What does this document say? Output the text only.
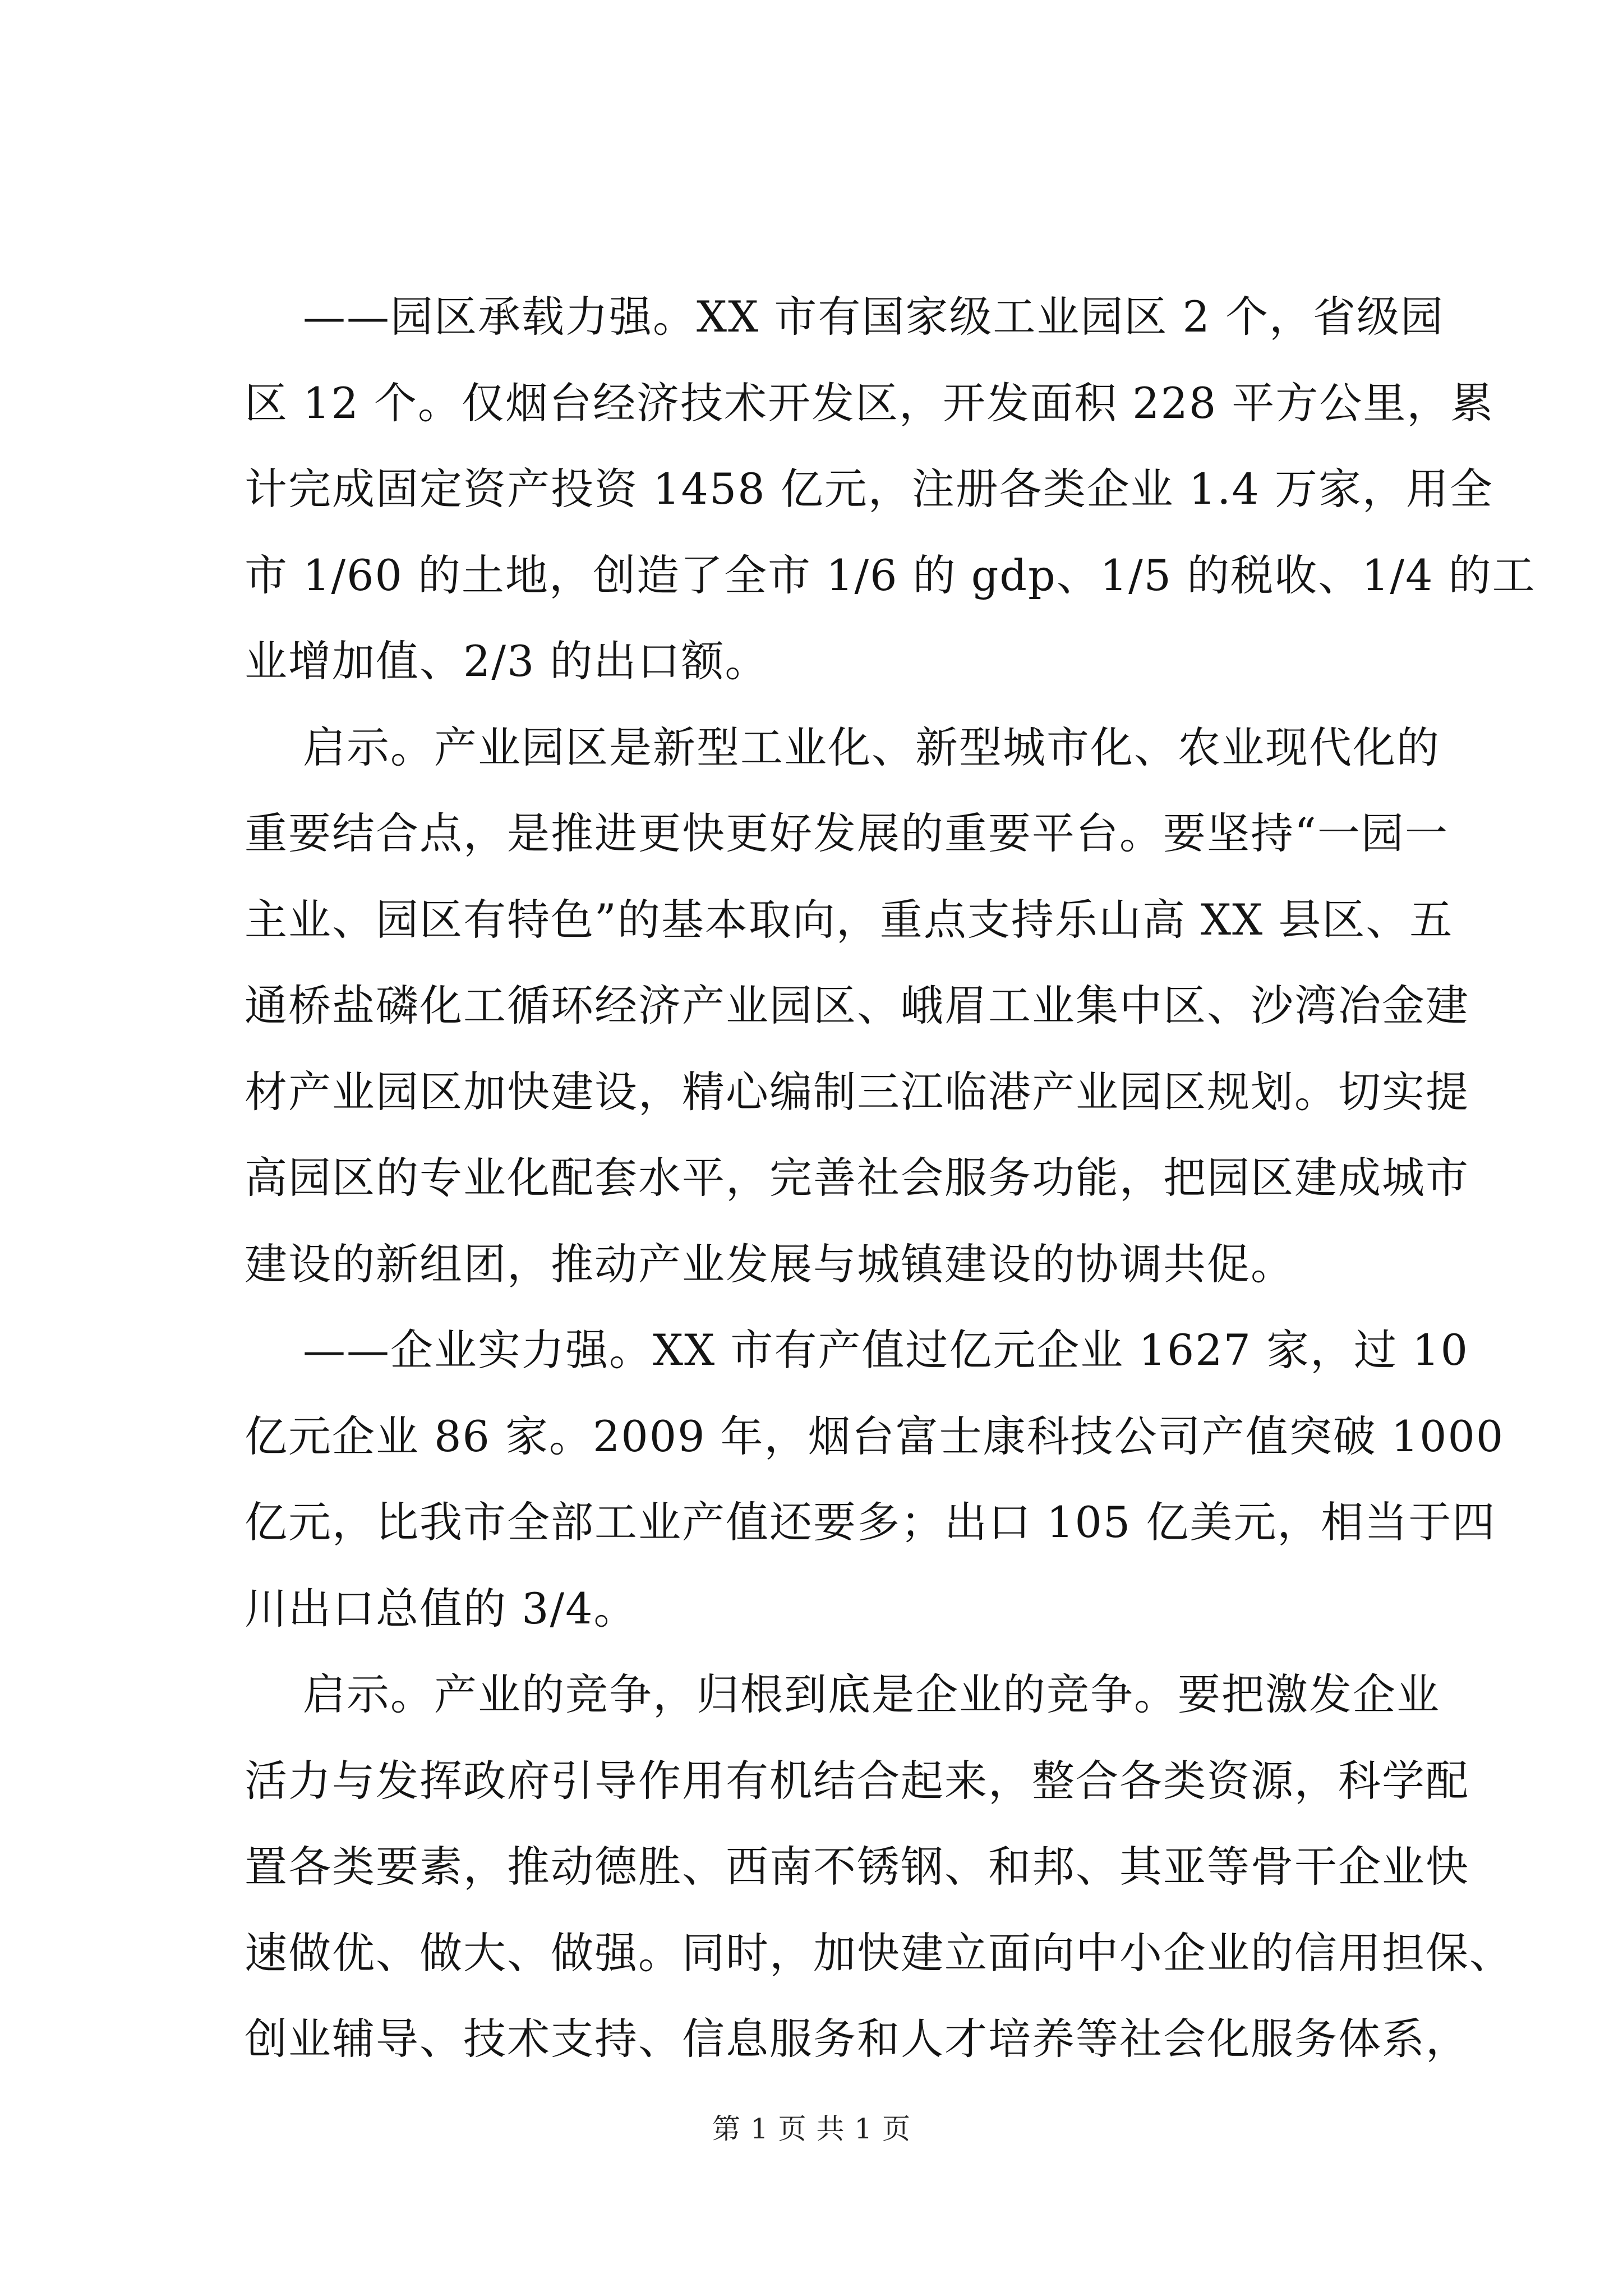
——园区承载力强。XX 市有国家级工业园区 2 个，省级园
区 12 个。仅烟台经济技术开发区，开发面积 228 平方公里，累
计完成固定资产投资 1458 亿元，注册各类企业 1.4 万家，用全
市 1/60 的土地，创造了全市 1/6 的 gdp、1/5 的税收、1/4 的工
业增加值、2/3 的出口额。
启示。产业园区是新型工业化、新型城市化、农业现代化的
重要结合点，是推进更快更好发展的重要平台。要坚持“一园一
主业、园区有特色”的基本取向，重点支持乐山高 XX 县区、五
通桥盐磷化工循环经济产业园区、峨眉工业集中区、沙湾冶金建
材产业园区加快建设，精心编制三江临港产业园区规划。切实提
高园区的专业化配套水平，完善社会服务功能，把园区建成城市
建设的新组团，推动产业发展与城镇建设的协调共促。
——企业实力强。XX 市有产值过亿元企业 1627 家，过 10
亿元企业 86 家。2009 年，烟台富士康科技公司产值突破 1000
亿元，比我市全部工业产值还要多；出口 105 亿美元，相当于四
川出口总值的 3/4。
启示。产业的竞争，归根到底是企业的竞争。要把激发企业
活力与发挥政府引导作用有机结合起来，整合各类资源，科学配
置各类要素，推动德胜、西南不锈钢、和邦、其亚等骨干企业快
速做优、做大、做强。同时，加快建立面向中小企业的信用担保、
创业辅导、技术支持、信息服务和人才培养等社会化服务体系，
第 1 页 共 1 页
